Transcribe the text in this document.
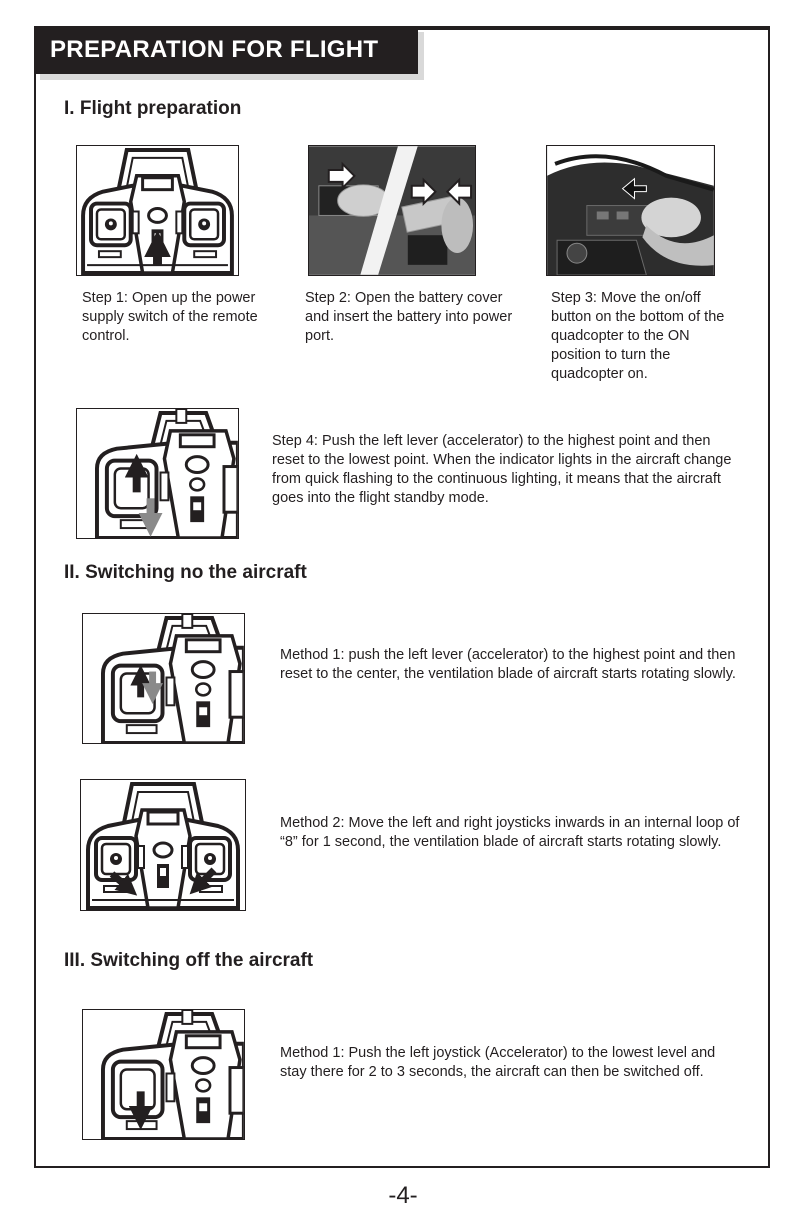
PREPARATION FOR FLIGHT
I. Flight preparation

Step 1: Open up the power supply switch of the remote control.

Step 2: Open the battery cover and insert the battery into power port.

Step 3: Move the on/off button on the bottom of the quadcopter to the ON position to turn the quadcopter on.

Step 4: Push the left lever (accelerator) to the highest point and then reset to the lowest point. When the indicator lights in the aircraft change from quick flashing to the continuous lighting, it means that the aircraft goes into the flight standby mode.

II. Switching no the aircraft

Method 1: push the left lever (accelerator) to the highest point and then reset to the center, the ventilation blade of aircraft starts rotating slowly.

Method 2: Move the left and right joysticks inwards in an internal loop of “8” for 1 second, the ventilation blade of aircraft starts rotating slowly.

III. Switching off the aircraft

Method 1: Push the left joystick (Accelerator) to the lowest level and stay there for 2 to 3 seconds, the aircraft can then be switched off.

-4-
